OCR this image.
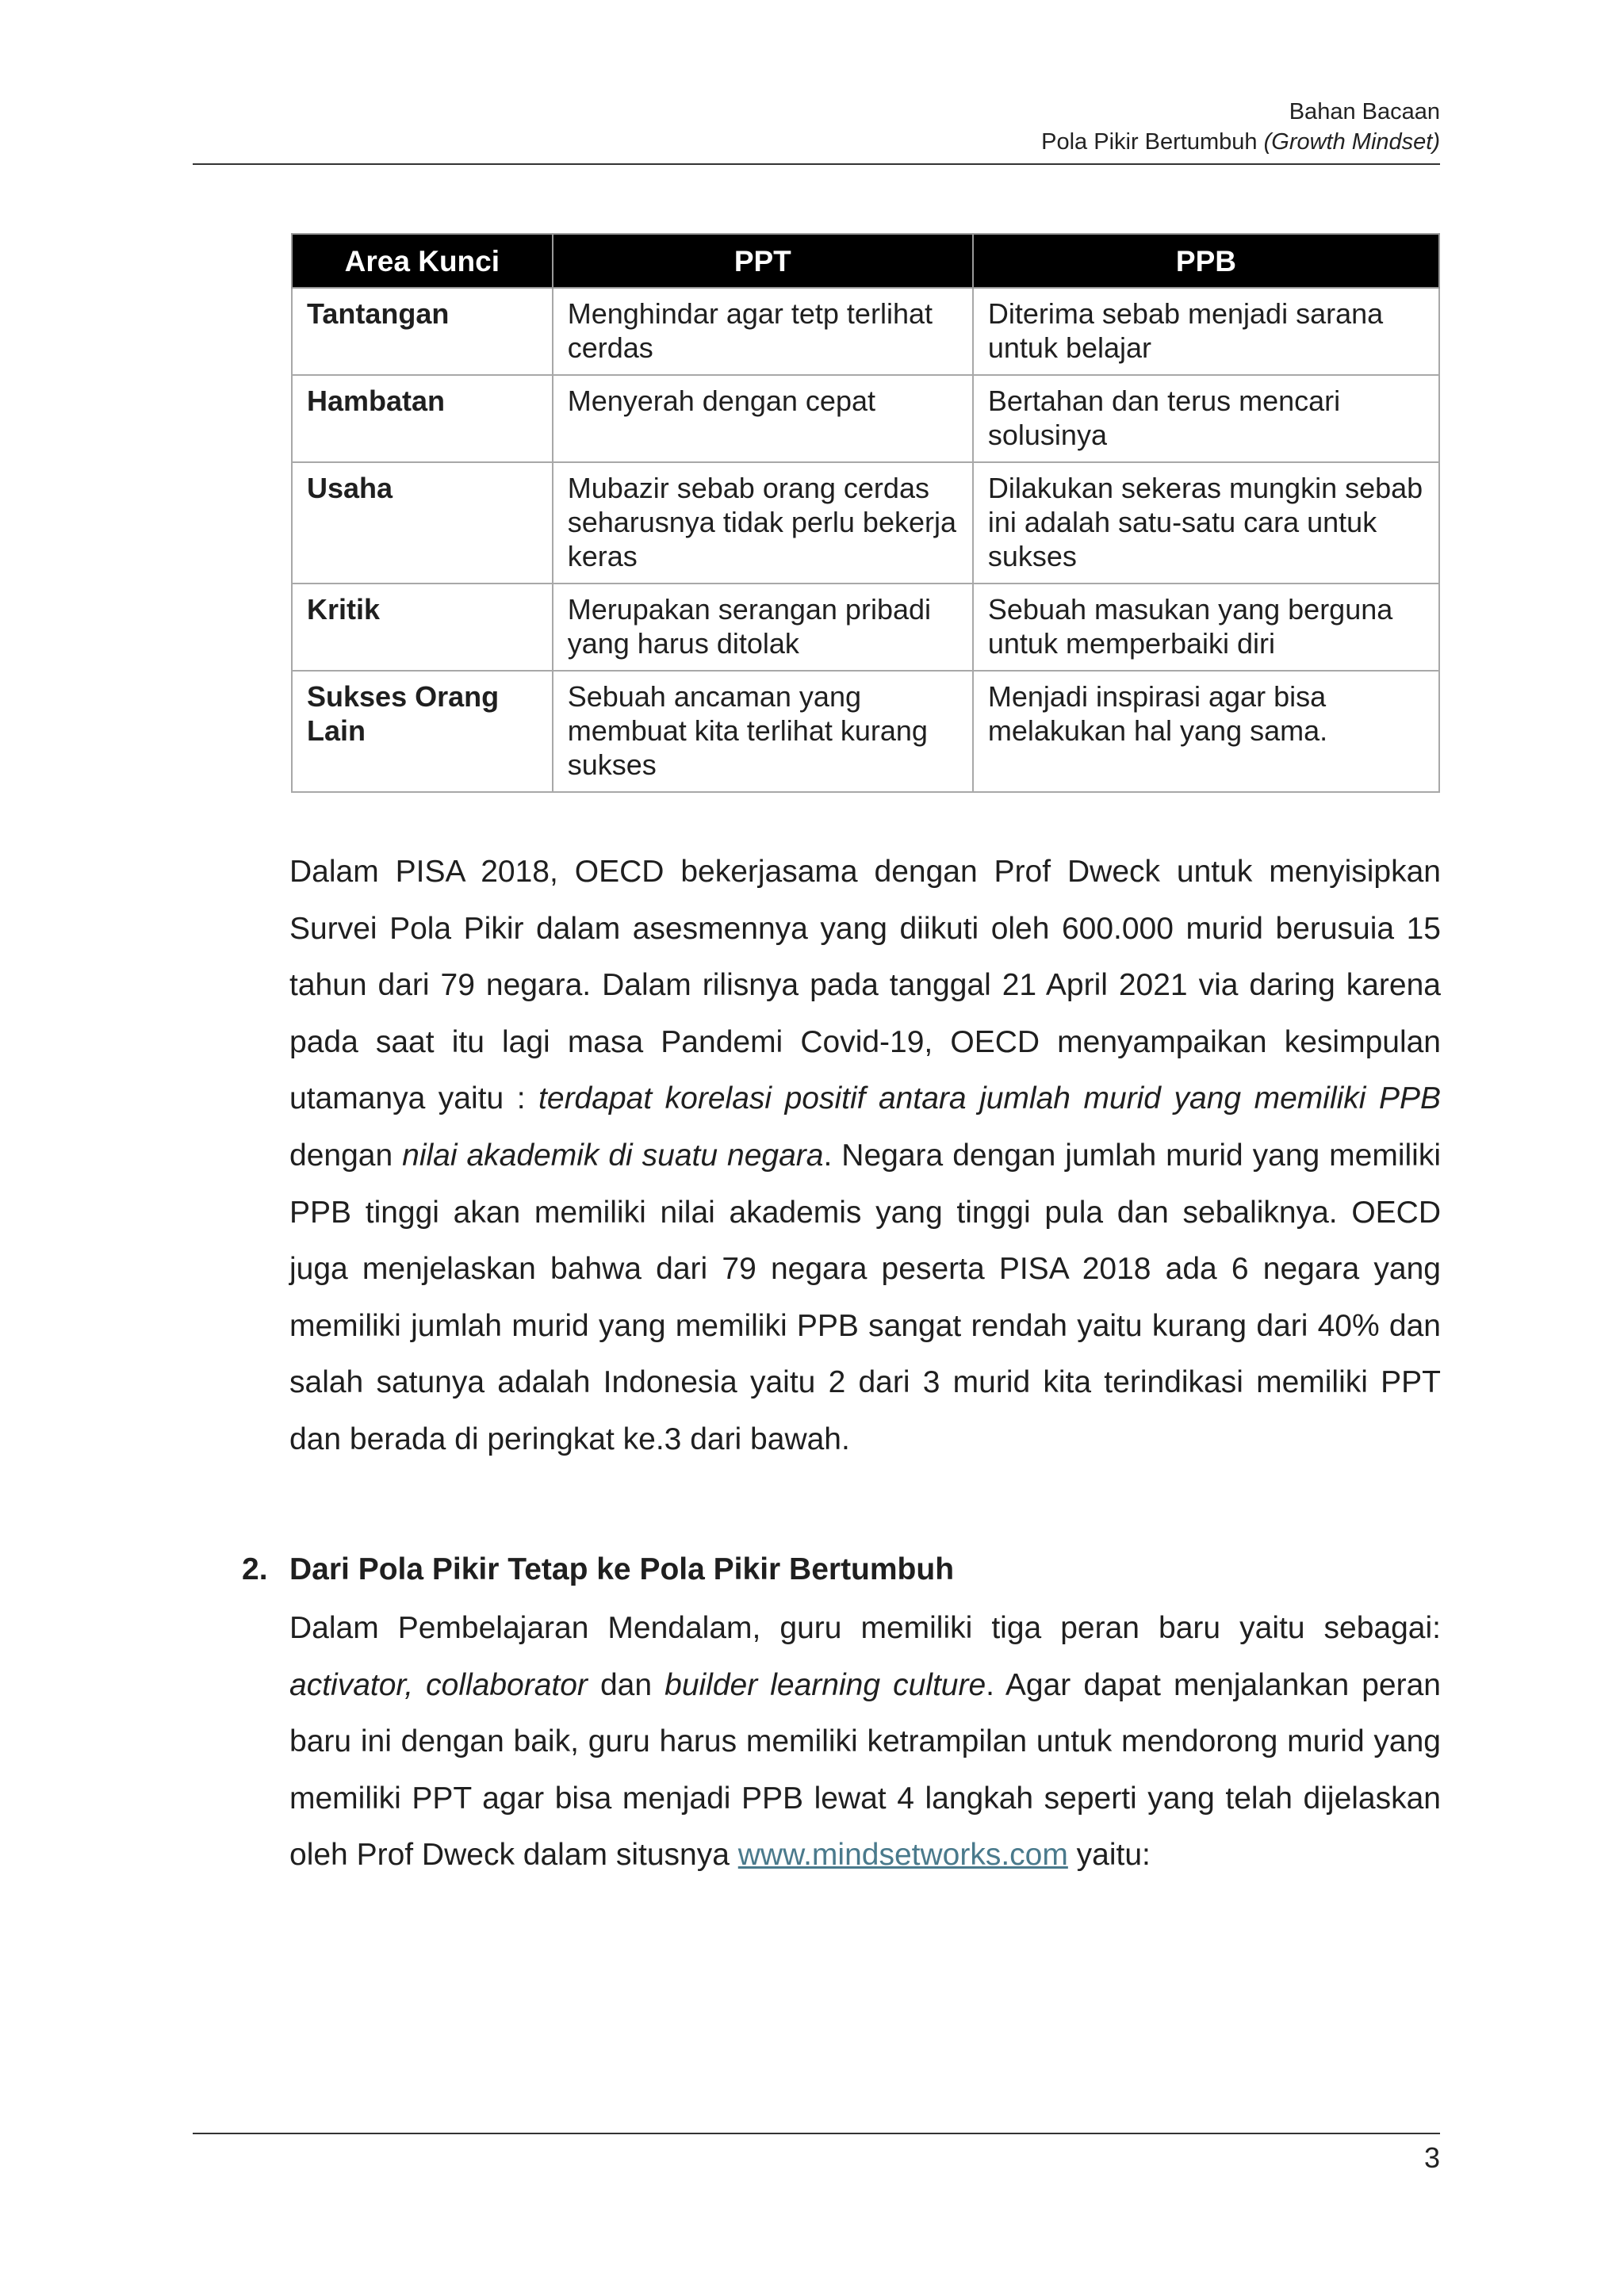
Bahan Bacaan
Pola Pikir Bertumbuh (Growth Mindset)
Area Kunci	PPT	PPB
Tantangan	Menghindar agar tetp terlihat cerdas	Diterima sebab menjadi sarana untuk belajar
Hambatan	Menyerah dengan cepat	Bertahan dan terus mencari solusinya
Usaha	Mubazir sebab orang cerdas seharusnya tidak perlu bekerja keras	Dilakukan sekeras mungkin sebab ini adalah satu-satu cara untuk sukses
Kritik	Merupakan serangan pribadi yang harus ditolak	Sebuah masukan yang berguna untuk memperbaiki diri
Sukses Orang Lain	Sebuah ancaman yang membuat kita terlihat kurang sukses	Menjadi inspirasi agar bisa melakukan hal yang sama.

Dalam PISA 2018, OECD bekerjasama dengan Prof Dweck untuk menyisipkan Survei Pola Pikir dalam asesmennya yang diikuti oleh 600.000 murid berusuia 15 tahun dari 79 negara. Dalam rilisnya pada tanggal 21 April 2021 via daring karena pada saat itu lagi masa Pandemi Covid-19, OECD menyampaikan kesimpulan utamanya yaitu : terdapat korelasi positif antara jumlah murid yang memiliki PPB dengan nilai akademik di suatu negara. Negara dengan jumlah murid yang memiliki PPB tinggi akan memiliki nilai akademis yang tinggi pula dan sebaliknya. OECD juga menjelaskan bahwa dari 79 negara peserta PISA 2018 ada 6 negara yang memiliki jumlah murid yang memiliki PPB sangat rendah yaitu kurang dari 40% dan salah satunya adalah Indonesia yaitu 2 dari 3 murid kita terindikasi memiliki PPT dan berada di peringkat ke.3 dari bawah.

2. Dari Pola Pikir Tetap ke Pola Pikir Bertumbuh

Dalam Pembelajaran Mendalam, guru memiliki tiga peran baru yaitu sebagai: activator, collaborator dan builder learning culture. Agar dapat menjalankan peran baru ini dengan baik, guru harus memiliki ketrampilan untuk mendorong murid yang memiliki PPT agar bisa menjadi PPB lewat 4 langkah seperti yang telah dijelaskan oleh Prof Dweck dalam situsnya www.mindsetworks.com yaitu:

3
